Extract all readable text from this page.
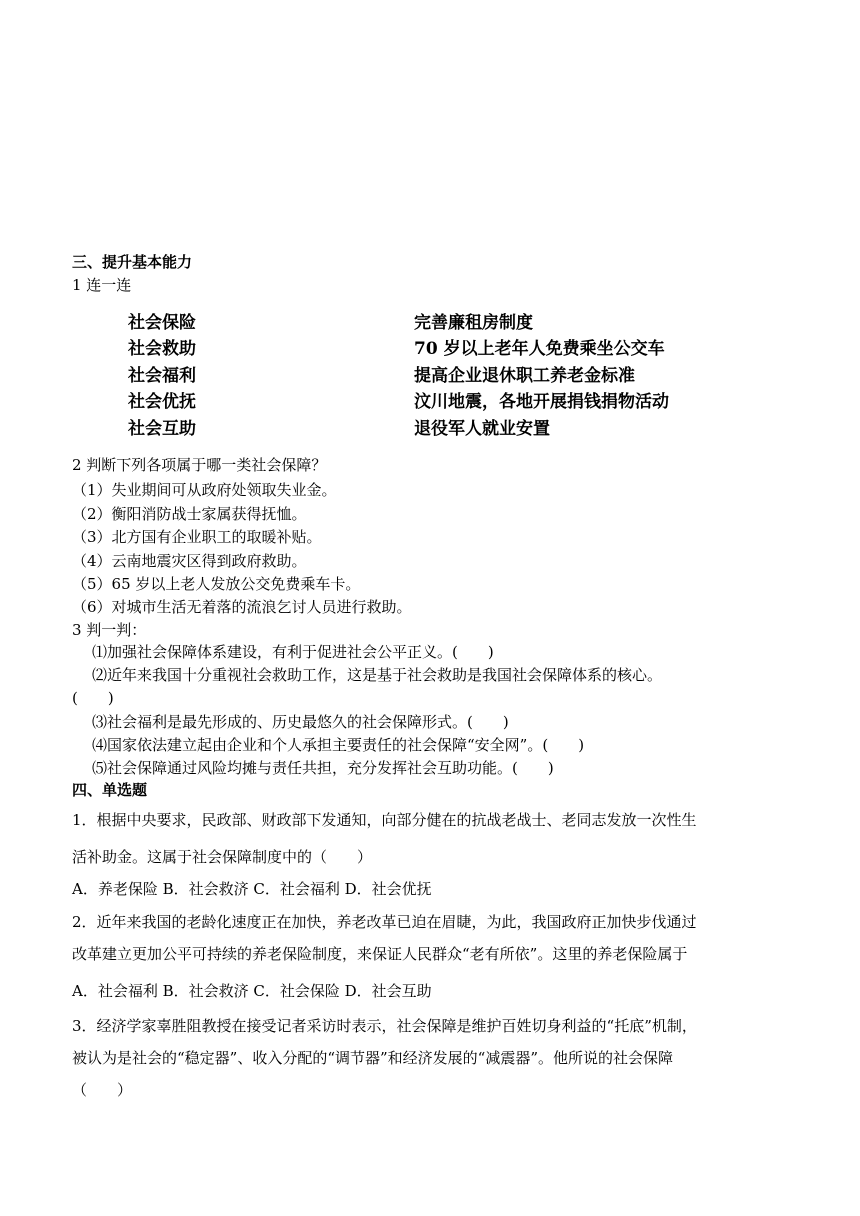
三、提升基本能力
1 连一连
社会保险
社会救助
社会福利
社会优抚
社会互助
完善廉租房制度
70 岁以上老年人免费乘坐公交车
提高企业退休职工养老金标准
汶川地震，各地开展捐钱捐物活动
退役军人就业安置
2 判断下列各项属于哪一类社会保障？
（1）失业期间可从政府处领取失业金。
（2）衡阳消防战士家属获得抚恤。
（3）北方国有企业职工的取暖补贴。
（4）云南地震灾区得到政府救助。
（5）65 岁以上老人发放公交免费乘车卡。
（6）对城市生活无着落的流浪乞讨人员进行救助。
3 判一判：
⑴加强社会保障体系建设，有利于促进社会公平正义。(　　)
⑵近年来我国十分重视社会救助工作，这是基于社会救助是我国社会保障体系的核心。
(　　)
⑶社会福利是最先形成的、历史最悠久的社会保障形式。(　　)
⑷国家依法建立起由企业和个人承担主要责任的社会保障“安全网”。(　　)
⑸社会保障通过风险均摊与责任共担，充分发挥社会互助功能。(　　)
四、单选题
1．根据中央要求，民政部、财政部下发通知，向部分健在的抗战老战士、老同志发放一次性生
活补助金。这属于社会保障制度中的（　　）
A．养老保险 B．社会救济 C．社会福利 D．社会优抚
2．近年来我国的老龄化速度正在加快，养老改革已迫在眉睫，为此，我国政府正加快步伐通过
改革建立更加公平可持续的养老保险制度，来保证人民群众“老有所依”。这里的养老保险属于
A．社会福利 B．社会救济 C．社会保险 D．社会互助
3．经济学家辜胜阻教授在接受记者采访时表示，社会保障是维护百姓切身利益的“托底”机制，
被认为是社会的“稳定器”、收入分配的“调节器”和经济发展的“减震器”。他所说的社会保障
（　　）
